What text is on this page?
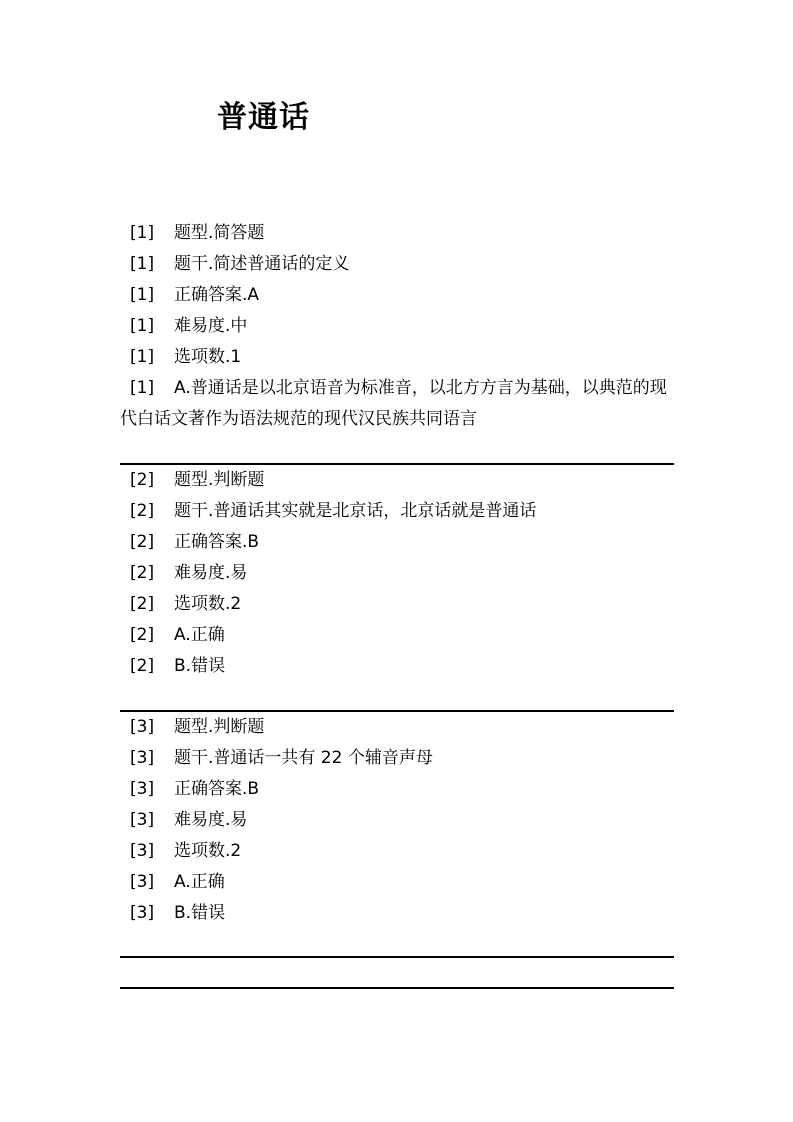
普通话
[1] 题型.简答题
[1] 题干.简述普通话的定义
[1] 正确答案.A
[1] 难易度.中
[1] 选项数.1
[1] A.普通话是以北京语音为标准音，以北方方言为基础，以典范的现代白话文著作为语法规范的现代汉民族共同语言
[2] 题型.判断题
[2] 题干.普通话其实就是北京话，北京话就是普通话
[2] 正确答案.B
[2] 难易度.易
[2] 选项数.2
[2] A.正确
[2] B.错误
[3] 题型.判断题
[3] 题干.普通话一共有 22 个辅音声母
[3] 正确答案.B
[3] 难易度.易
[3] 选项数.2
[3] A.正确
[3] B.错误
